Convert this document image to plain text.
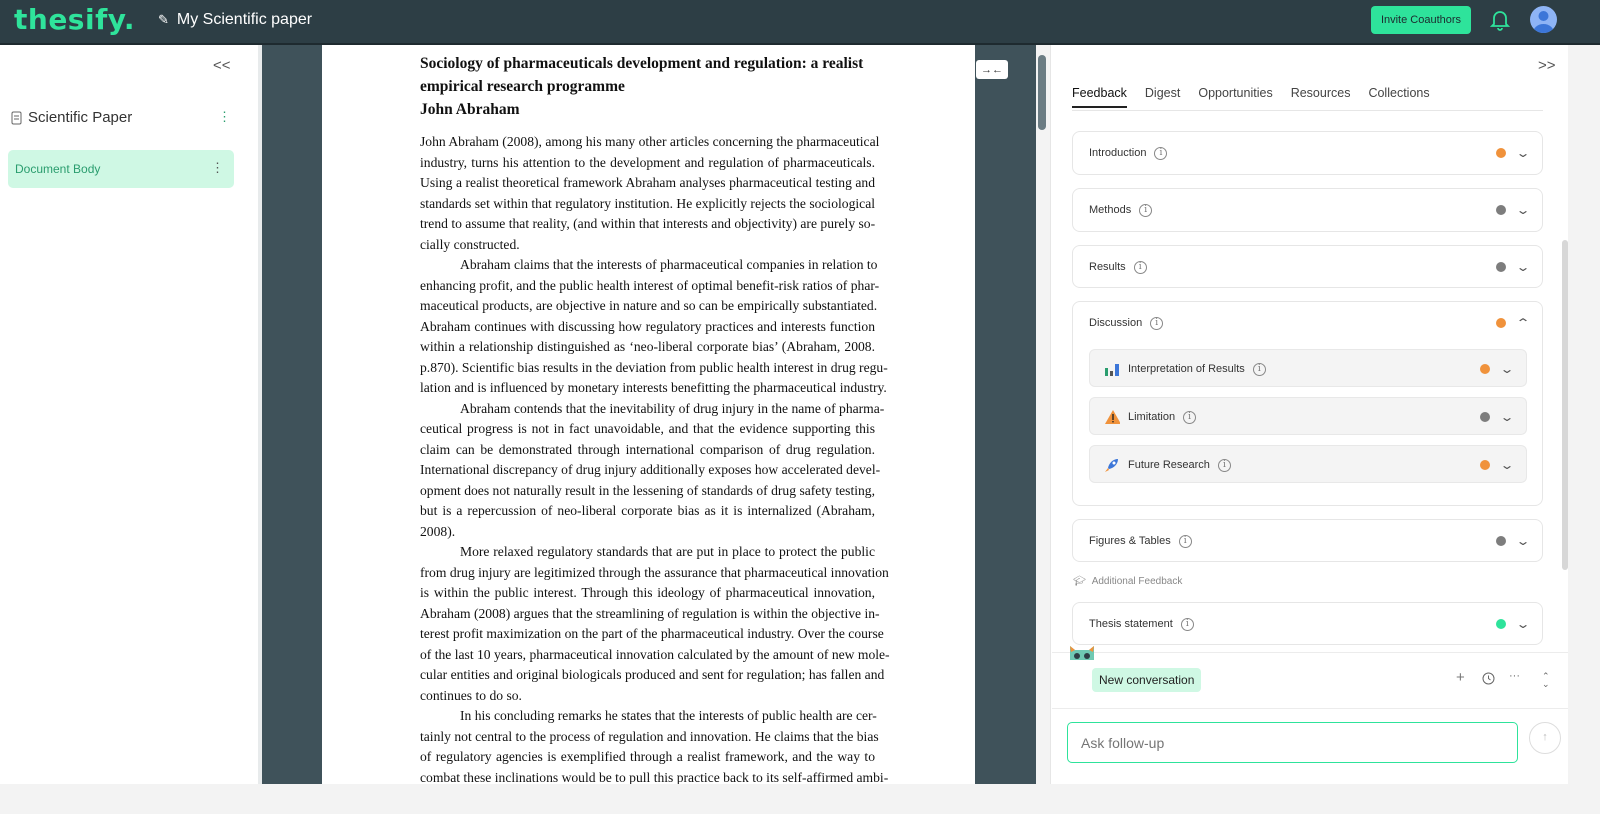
thesify. ✎ My Scientific paper	Invite Coauthors
<<
Scientific Paper	⋮
Document Body	⋮
Sociology of pharmaceuticals development and regulation: a realist
empirical research programme
John Abraham
John Abraham (2008), among his many other articles concerning the pharmaceutical
industry, turns his attention to the development and regulation of pharmaceuticals.
Using a realist theoretical framework Abraham analyses pharmaceutical testing and
standards set within that regulatory institution. He explicitly rejects the sociological
trend to assume that reality, (and within that interests and objectivity) are purely so-
cially constructed.
Abraham claims that the interests of pharmaceutical companies in relation to
enhancing profit, and the public health interest of optimal benefit-risk ratios of phar-
maceutical products, are objective in nature and so can be empirically substantiated.
Abraham continues with discussing how regulatory practices and interests function
within a relationship distinguished as ‘neo-liberal corporate bias’ (Abraham, 2008.
p.870). Scientific bias results in the deviation from public health interest in drug regu-
lation and is influenced by monetary interests benefitting the pharmaceutical industry.
Abraham contends that the inevitability of drug injury in the name of pharma-
ceutical progress is not in fact unavoidable, and that the evidence supporting this
claim can be demonstrated through international comparison of drug regulation.
International discrepancy of drug injury additionally exposes how accelerated devel-
opment does not naturally result in the lessening of standards of drug safety testing,
but is a repercussion of neo-liberal corporate bias as it is internalized (Abraham,
2008).
More relaxed regulatory standards that are put in place to protect the public
from drug injury are legitimized through the assurance that pharmaceutical innovation
is within the public interest. Through this ideology of pharmaceutical innovation,
Abraham (2008) argues that the streamlining of regulation is within the objective in-
terest profit maximization on the part of the pharmaceutical industry. Over the course
of the last 10 years, pharmaceutical innovation calculated by the amount of new mole-
cular entities and original biologicals produced and sent for regulation; has fallen and
continues to do so.
In his concluding remarks he states that the interests of public health are cer-
tainly not central to the process of regulation and innovation. He claims that the bias
of regulatory agencies is exemplified through a realist framework, and the way to
combat these inclinations would be to pull this practice back to its self-affirmed ambi-
→←	>>
Feedback Digest Opportunities Resources Collections
Introduction	i	⌄
Methods	i	⌄
Results	i	⌄
Discussion	i	⌃
Interpretation of Results	i	⌄
Limitation	i	⌄
Future Research	i	⌄
Figures & Tables	i	⌄
Thesis statement	i	⌄
🎓︎ Additional Feedback
New conversation	+	··· ⌃
⌄
Ask follow-up
↑
